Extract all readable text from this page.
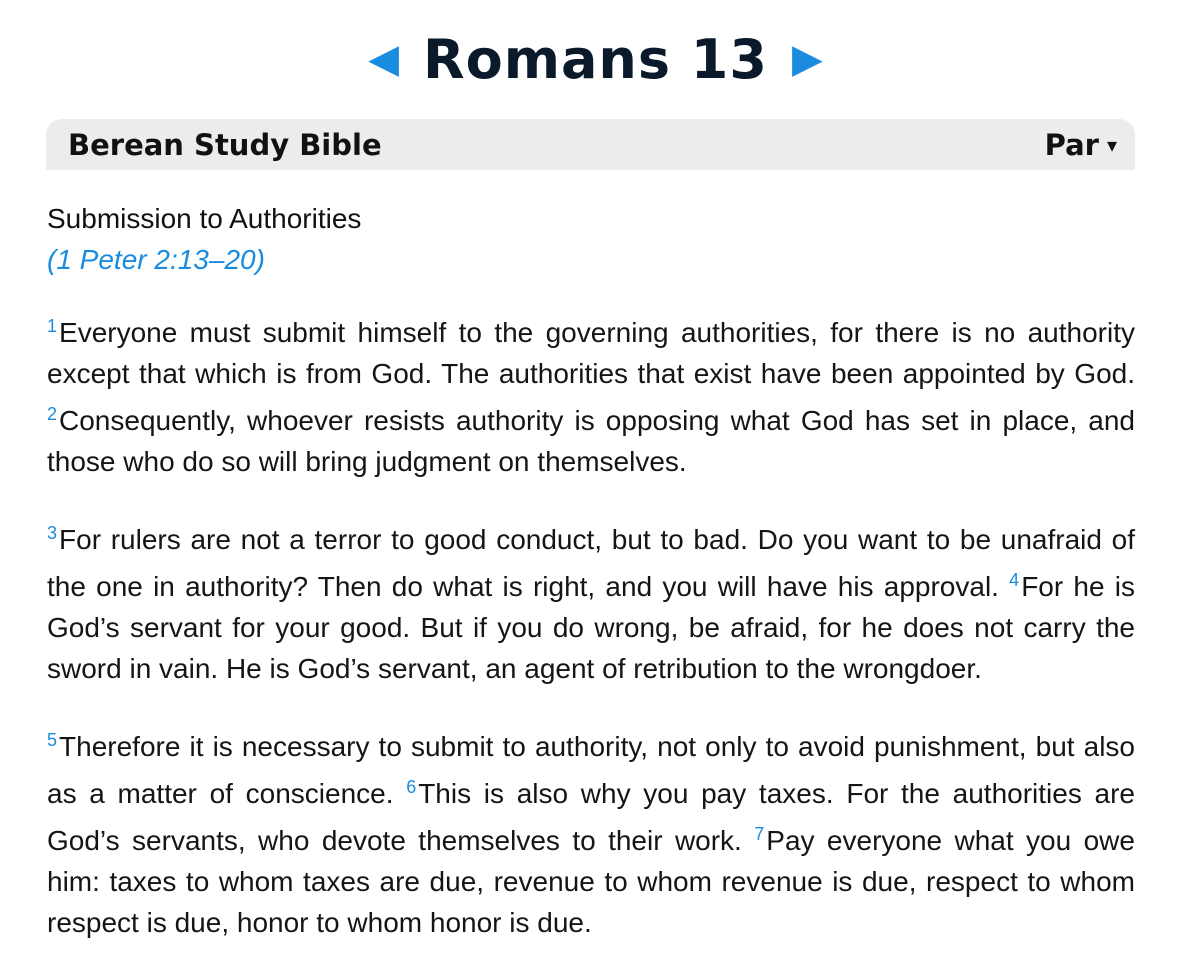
◀ Romans 13 ▶
Berean Study Bible	Par ▾

Submission to Authorities

(1 Peter 2:13–20)

$^1$Everyone must submit himself to the governing authorities, for there is no authority except that which is from God. The authorities that exist have been appointed by God. $^2$Consequently, whoever resists authority is opposing what God has set in place, and those who do so will bring judgment on themselves.

$^3$For rulers are not a terror to good conduct, but to bad. Do you want to be unafraid of the one in authority? Then do what is right, and you will have his approval. $^4$For he is God’s servant for your good. But if you do wrong, be afraid, for he does not carry the sword in vain. He is God’s servant, an agent of retribution to the wrongdoer.

$^5$Therefore it is necessary to submit to authority, not only to avoid punishment, but also as a matter of conscience. $^6$This is also why you pay taxes. For the authorities are God’s servants, who devote themselves to their work. $^7$Pay everyone what you owe him: taxes to whom taxes are due, revenue to whom revenue is due, respect to whom respect is due, honor to whom honor is due.
